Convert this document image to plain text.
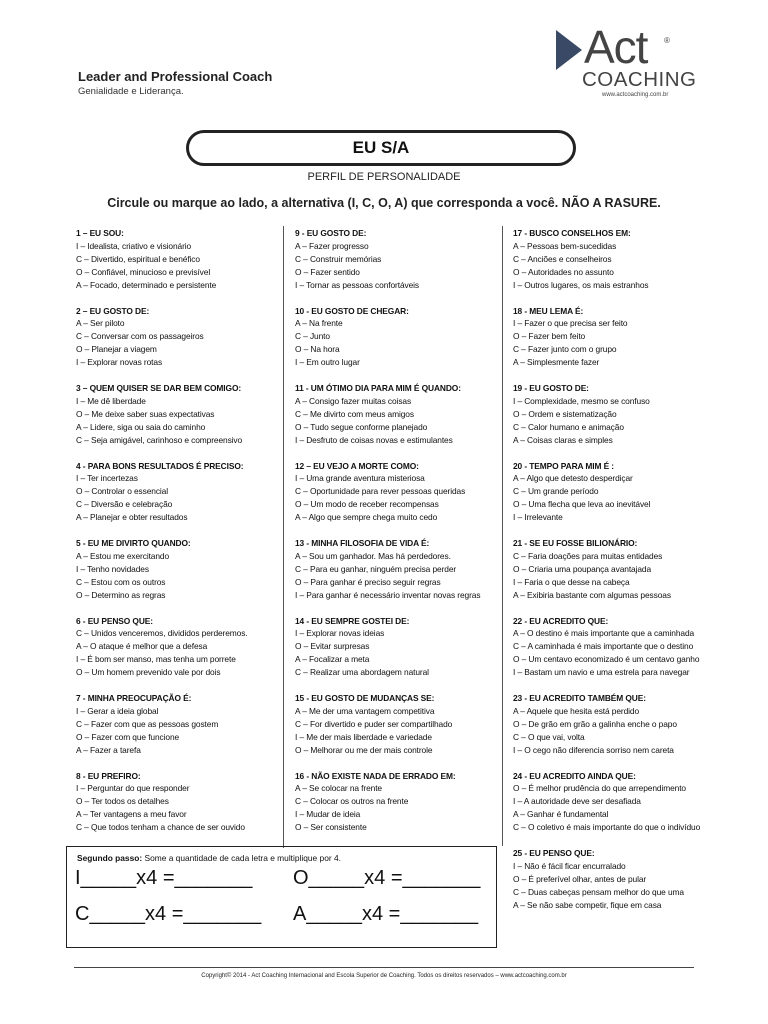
Leader and Professional Coach
Genialidade e Liderança.
Act ®
COACHING
www.actcoaching.com.br
EU S/A
PERFIL DE PERSONALIDADE
Circule ou marque ao lado, a alternativa (I, C, O, A) que corresponda a você. NÃO A RASURE.
1 – EU SOU:
I – Idealista, criativo e visionário
C – Divertido, espiritual e benéfico
O – Confiável, minucioso e previsível
A – Focado, determinado e persistente
2 – EU GOSTO DE:
A – Ser piloto
C – Conversar com os passageiros
O – Planejar a viagem
I – Explorar novas rotas
3 – QUEM QUISER SE DAR BEM COMIGO:
I – Me dê liberdade
O – Me deixe saber suas expectativas
A – Lidere, siga ou saia do caminho
C – Seja amigável, carinhoso e compreensivo
4 - PARA BONS RESULTADOS É PRECISO:
I – Ter incertezas
O – Controlar o essencial
C – Diversão e celebração
A – Planejar e obter resultados
5 - EU ME DIVIRTO QUANDO:
A – Estou me exercitando
I – Tenho novidades
C – Estou com os outros
O – Determino as regras
6 - EU PENSO QUE:
C – Unidos venceremos, divididos perderemos.
A – O ataque é melhor que a defesa
I – É bom ser manso, mas tenha um porrete
O – Um homem prevenido vale por dois
7 - MINHA PREOCUPAÇÃO É:
I – Gerar a ideia global
C – Fazer com que as pessoas gostem
O – Fazer com que funcione
A – Fazer a tarefa
8 - EU PREFIRO:
I – Perguntar do que responder
O – Ter todos os detalhes
A – Ter vantagens a meu favor
C – Que todos tenham a chance de ser ouvido
9 - EU GOSTO DE:
A – Fazer progresso
C – Construir memórias
O – Fazer sentido
I – Tornar as pessoas confortáveis
10 - EU GOSTO DE CHEGAR:
A – Na frente
C – Junto
O – Na hora
I – Em outro lugar
11 - UM ÓTIMO DIA PARA MIM É QUANDO:
A – Consigo fazer muitas coisas
C – Me divirto com meus amigos
O – Tudo segue conforme planejado
I – Desfruto de coisas novas e estimulantes
12 – EU VEJO A MORTE COMO:
I – Uma grande aventura misteriosa
C – Oportunidade para rever pessoas queridas
O – Um modo de receber recompensas
A – Algo que sempre chega muito cedo
13 - MINHA FILOSOFIA DE VIDA É:
A – Sou um ganhador. Mas há perdedores.
C – Para eu ganhar, ninguém precisa perder
O – Para ganhar é preciso seguir regras
I – Para ganhar é necessário inventar novas regras
14 - EU SEMPRE GOSTEI DE:
I – Explorar novas ideias
O – Evitar surpresas
A – Focalizar a meta
C – Realizar uma abordagem natural
15 - EU GOSTO DE MUDANÇAS SE:
A – Me der uma vantagem competitiva
C – For divertido e puder ser compartilhado
I – Me der mais liberdade e variedade
O – Melhorar ou me der mais controle
16 - NÃO EXISTE NADA DE ERRADO EM:
A – Se colocar na frente
C – Colocar os outros na frente
I – Mudar de ideia
O – Ser consistente
17 - BUSCO CONSELHOS EM:
A – Pessoas bem-sucedidas
C – Anciões e conselheiros
O – Autoridades no assunto
I – Outros lugares, os mais estranhos
18 - MEU LEMA É:
I – Fazer o que precisa ser feito
O – Fazer bem feito
C – Fazer junto com o grupo
A – Simplesmente fazer
19 - EU GOSTO DE:
I – Complexidade, mesmo se confuso
O – Ordem e sistematização
C – Calor humano e animação
A – Coisas claras e simples
20 - TEMPO PARA MIM É :
A – Algo que detesto desperdiçar
C – Um grande período
O – Uma flecha que leva ao inevitável
I – Irrelevante
21 - SE EU FOSSE BILIONÁRIO:
C – Faria doações para muitas entidades
O – Criaria uma poupança avantajada
I – Faria o que desse na cabeça
A – Exibiria bastante com algumas pessoas
22 - EU ACREDITO QUE:
A – O destino é mais importante que a caminhada
C – A caminhada é mais importante que o destino
O – Um centavo economizado é um centavo ganho
I – Bastam um navio e uma estrela para navegar
23 - EU ACREDITO TAMBÉM QUE:
A – Aquele que hesita está perdido
O – De grão em grão a galinha enche o papo
C – O que vai, volta
I – O cego não diferencia sorriso nem careta
24 - EU ACREDITO AINDA QUE:
O – É melhor prudência do que arrependimento
I – A autoridade deve ser desafiada
A – Ganhar é fundamental
C – O coletivo é mais importante do que o indivíduo
25 - EU PENSO QUE:
I – Não é fácil ficar encurralado
O – É preferível olhar, antes de pular
C – Duas cabeças pensam melhor do que uma
A – Se não sabe competir, fique em casa
Segundo passo: Some a quantidade de cada letra e multiplique por 4.
I_____x4 =_______ O_____x4 =_______
C_____x4 =_______ A_____x4 =_______
Copyright© 2014 - Act Coaching Internacional and Escola Superior de Coaching. Todos os direitos reservados – www.actcoaching.com.br
